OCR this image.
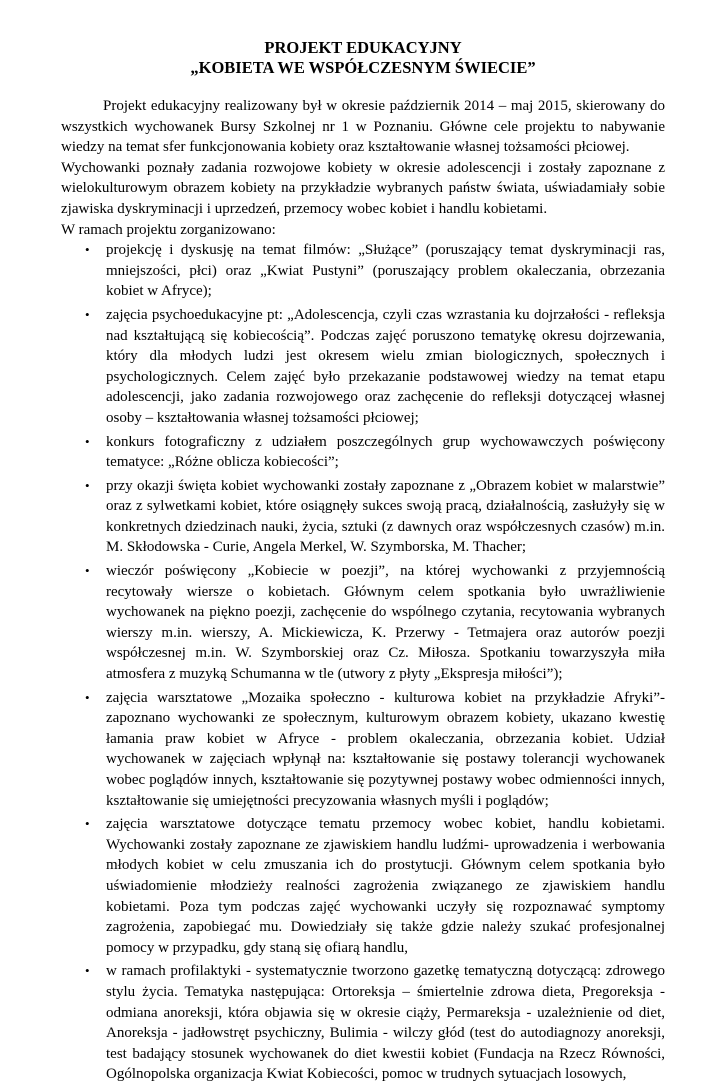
PROJEKT EDUKACYJNY
„KOBIETA WE WSPÓŁCZESNYM ŚWIECIE”

Projekt edukacyjny realizowany był w okresie październik 2014 – maj 2015, skierowany do wszystkich wychowanek Bursy Szkolnej nr 1 w Poznaniu. Główne cele projektu to nabywanie wiedzy na temat sfer funkcjonowania kobiety oraz kształtowanie własnej tożsamości płciowej.

Wychowanki poznały zadania rozwojowe kobiety w okresie adolescencji i zostały zapoznane z wielokulturowym obrazem kobiety na przykładzie wybranych państw świata, uświadamiały sobie zjawiska dyskryminacji i uprzedzeń, przemocy wobec kobiet i handlu kobietami.

W ramach projektu zorganizowano:

• projekcję i dyskusję na temat filmów: „Służące” (poruszający temat dyskryminacji ras, mniejszości, płci) oraz „Kwiat Pustyni” (poruszający problem okaleczania, obrzezania kobiet w Afryce);
• zajęcia psychoedukacyjne pt: „Adolescencja, czyli czas wzrastania ku dojrzałości - refleksja nad kształtującą się kobiecością”. Podczas zajęć poruszono tematykę okresu dojrzewania, który dla młodych ludzi jest okresem wielu zmian biologicznych, społecznych i psychologicznych. Celem zajęć było przekazanie podstawowej wiedzy na temat etapu adolescencji, jako zadania rozwojowego oraz zachęcenie do refleksji dotyczącej własnej osoby – kształtowania własnej tożsamości płciowej;
• konkurs fotograficzny z udziałem poszczególnych grup wychowawczych poświęcony tematyce: „Różne oblicza kobiecości”;
• przy okazji święta kobiet wychowanki zostały zapoznane z „Obrazem kobiet w malarstwie” oraz z sylwetkami kobiet, które osiągnęły sukces swoją pracą, działalnością, zasłużyły się w konkretnych dziedzinach nauki, życia, sztuki (z dawnych oraz współczesnych czasów) m.in. M. Skłodowska - Curie, Angela Merkel, W. Szymborska, M. Thacher;
• wieczór poświęcony „Kobiecie w poezji”, na której wychowanki z przyjemnością recytowały wiersze o kobietach. Głównym celem spotkania było uwrażliwienie wychowanek na piękno poezji, zachęcenie do wspólnego czytania, recytowania wybranych wierszy m.in. wierszy, A. Mickiewicza, K. Przerwy - Tetmajera oraz autorów poezji współczesnej m.in. W. Szymborskiej oraz Cz. Miłosza. Spotkaniu towarzyszyła miła atmosfera z muzyką Schumanna w tle (utwory z płyty „Ekspresja miłości”);
• zajęcia warsztatowe „Mozaika społeczno - kulturowa kobiet na przykładzie Afryki”- zapoznano wychowanki ze społecznym, kulturowym obrazem kobiety, ukazano kwestię łamania praw kobiet w Afryce - problem okaleczania, obrzezania kobiet. Udział wychowanek w zajęciach wpłynął na: kształtowanie się postawy tolerancji wychowanek wobec poglądów innych, kształtowanie się pozytywnej postawy wobec odmienności innych, kształtowanie się umiejętności precyzowania własnych myśli i poglądów;
• zajęcia warsztatowe dotyczące tematu przemocy wobec kobiet, handlu kobietami. Wychowanki zostały zapoznane ze zjawiskiem handlu ludźmi- uprowadzenia i werbowania młodych kobiet w celu zmuszania ich do prostytucji. Głównym celem spotkania było uświadomienie młodzieży realności zagrożenia związanego ze zjawiskiem handlu kobietami. Poza tym podczas zajęć wychowanki uczyły się rozpoznawać symptomy zagrożenia, zapobiegać mu. Dowiedziały się także gdzie należy szukać profesjonalnej pomocy w przypadku, gdy staną się ofiarą handlu,
• w ramach profilaktyki - systematycznie tworzono gazetkę tematyczną dotyczącą: zdrowego stylu życia. Tematyka następująca: Ortoreksja – śmiertelnie zdrowa dieta, Pregoreksja - odmiana anoreksji, która objawia się w okresie ciąży, Permareksja - uzależnienie od diet, Anoreksja - jadłowstręt psychiczny, Bulimia - wilczy głód (test do autodiagnozy anoreksji, test badający stosunek wychowanek do diet kwestii kobiet (Fundacja na Rzecz Równości, Ogólnopolska organizacja Kwiat Kobiecości, pomoc w trudnych sytuacjach losowych,
